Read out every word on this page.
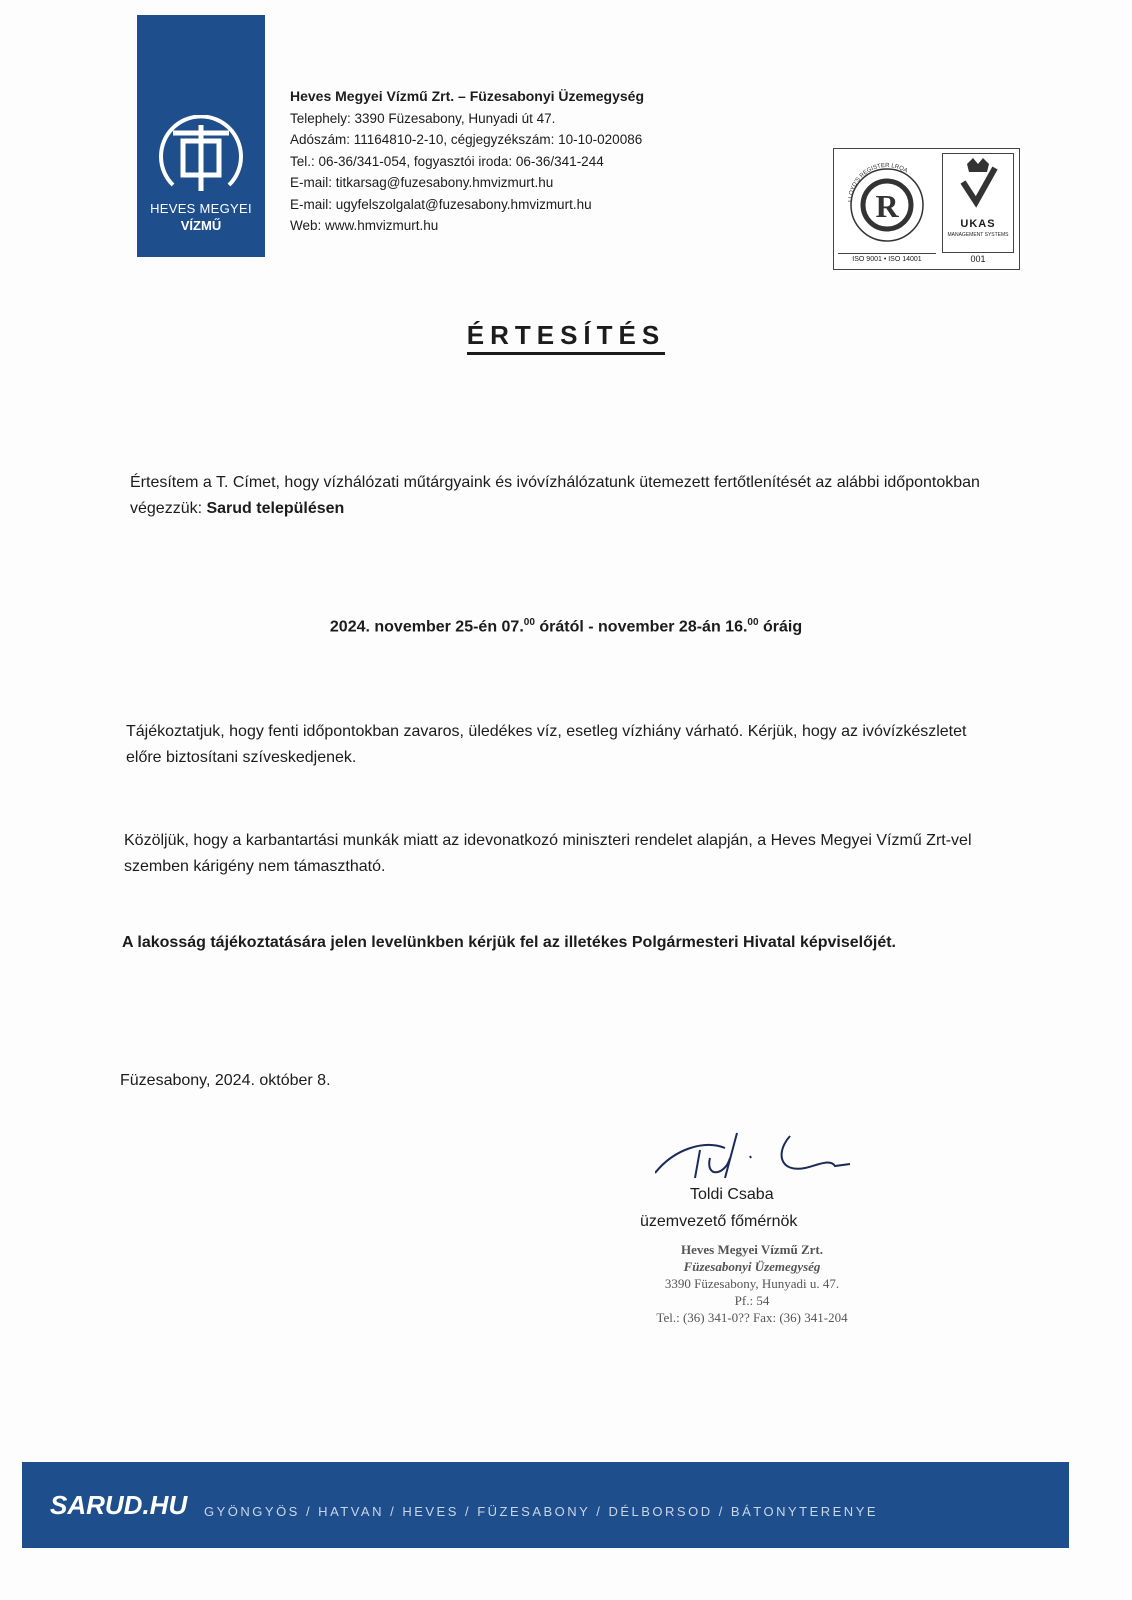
HEVES MEGYEI
VÍZMŰ
Heves Megyei Vízmű Zrt. – Füzesabonyi Üzemegység
Telephely: 3390 Füzesabony, Hunyadi út 47.
Adószám: 11164810-2-10, cégjegyzékszám: 10-10-020086
Tel.: 06-36/341-054, fogyasztói iroda: 06-36/341-244
E-mail: titkarsag@fuzesabony.hmvizmurt.hu
E-mail: ugyfelszolgalat@fuzesabony.hmvizmurt.hu
Web: www.hmvizmurt.hu
R
LLOYD'S REGISTER LRQA
UKAS
MANAGEMENT SYSTEMS
ISO 9001 • ISO 14001	001
ÉRTESÍTÉS
Értesítem a T. Címet, hogy vízhálózati műtárgyaink és ivóvízhálózatunk ütemezett fertőtlenítését az alábbi időpontokban végezzük: Sarud településen
2024. november 25-én 07.00 órától - november 28-án 16.00 óráig
Tájékoztatjuk, hogy fenti időpontokban zavaros, üledékes víz, esetleg vízhiány várható. Kérjük, hogy az ivóvízkészletet előre biztosítani szíveskedjenek.
Közöljük, hogy a karbantartási munkák miatt az idevonatkozó miniszteri rendelet alapján, a Heves Megyei Vízmű Zrt-vel szemben kárigény nem támasztható.
A lakosság tájékoztatására jelen levelünkben kérjük fel az illetékes Polgármesteri Hivatal képviselőjét.
Füzesabony, 2024. október 8.
Toldi Csaba
üzemvezető főmérnök
Heves Megyei Vízmű Zrt.
Füzesabonyi Üzemegység
3390 Füzesabony, Hunyadi u. 47.
Pf.: 54
Tel.: (36) 341-0?? Fax: (36) 341-204
SARUD.HU GYÖNGYÖS / HATVAN / HEVES / FÜZESABONY / DÉLBORSOD / BÁTONYTERENYE
